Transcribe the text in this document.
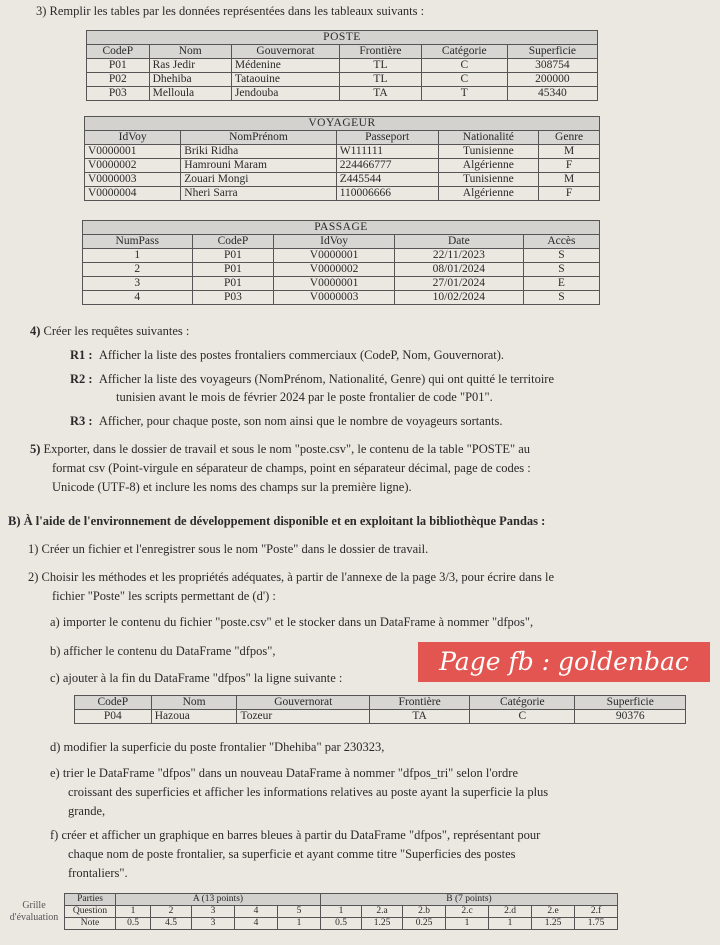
3) Remplir les tables par les données représentées dans les tableaux suivants :
POSTE					
CodeP	Nom	Gouvernorat	Frontière	Catégorie	Superficie
P01	Ras Jedir	Médenine	TL	C	308754
P02	Dhehiba	Tataouine	TL	C	200000
P03	Melloula	Jendouba	TA	T	45340
VOYAGEUR				
IdVoy	NomPrénom	Passeport	Nationalité	Genre
V0000001	Briki Ridha	W111111	Tunisienne	M
V0000002	Hamrouni Maram	224466777	Algérienne	F
V0000003	Zouari Mongi	Z445544	Tunisienne	M
V0000004	Nheri Sarra	110006666	Algérienne	F
PASSAGE				
NumPass	CodeP	IdVoy	Date	Accès
1	P01	V0000001	22/11/2023	S
2	P01	V0000002	08/01/2024	S
3	P01	V0000001	27/01/2024	E
4	P03	V0000003	10/02/2024	S
4) Créer les requêtes suivantes :
R1 : Afficher la liste des postes frontaliers commerciaux (CodeP, Nom, Gouvernorat).
R2 : Afficher la liste des voyageurs (NomPrénom, Nationalité, Genre) qui ont quitté le territoire
tunisien avant le mois de février 2024 par le poste frontalier de code "P01".
R3 : Afficher, pour chaque poste, son nom ainsi que le nombre de voyageurs sortants.
5) Exporter, dans le dossier de travail et sous le nom "poste.csv", le contenu de la table "POSTE" au
format csv (Point-virgule en séparateur de champs, point en séparateur décimal, page de codes :
Unicode (UTF-8) et inclure les noms des champs sur la première ligne).
B) À l'aide de l'environnement de développement disponible et en exploitant la bibliothèque Pandas :
1) Créer un fichier et l'enregistrer sous le nom "Poste" dans le dossier de travail.
2) Choisir les méthodes et les propriétés adéquates, à partir de l'annexe de la page 3/3, pour écrire dans le
fichier "Poste" les scripts permettant de (d') :
a) importer le contenu du fichier "poste.csv" et le stocker dans un DataFrame à nommer "dfpos",
b) afficher le contenu du DataFrame "dfpos",
c) ajouter à la fin du DataFrame "dfpos" la ligne suivante :
Page fb : goldenbac
CodeP	Nom	Gouvernorat	Frontière	Catégorie	Superficie
P04	Hazoua	Tozeur	TA	C	90376
d) modifier la superficie du poste frontalier "Dhehiba" par 230323,
e) trier le DataFrame "dfpos" dans un nouveau DataFrame à nommer "dfpos_tri" selon l'ordre
croissant des superficies et afficher les informations relatives au poste ayant la superficie la plus
grande,
f) créer et afficher un graphique en barres bleues à partir du DataFrame "dfpos", représentant pour
chaque nom de poste frontalier, sa superficie et ayant comme titre "Superficies des postes
frontaliers".
Grille d'évaluation
Parties	A (13 points)					B (7 points)						
Question	1	2	3	4	5	1	2.a	2.b	2.c	2.d	2.e	2.f
Note	0.5	4.5	3	4	1	0.5	1.25	0.25	1	1	1.25	1.75
